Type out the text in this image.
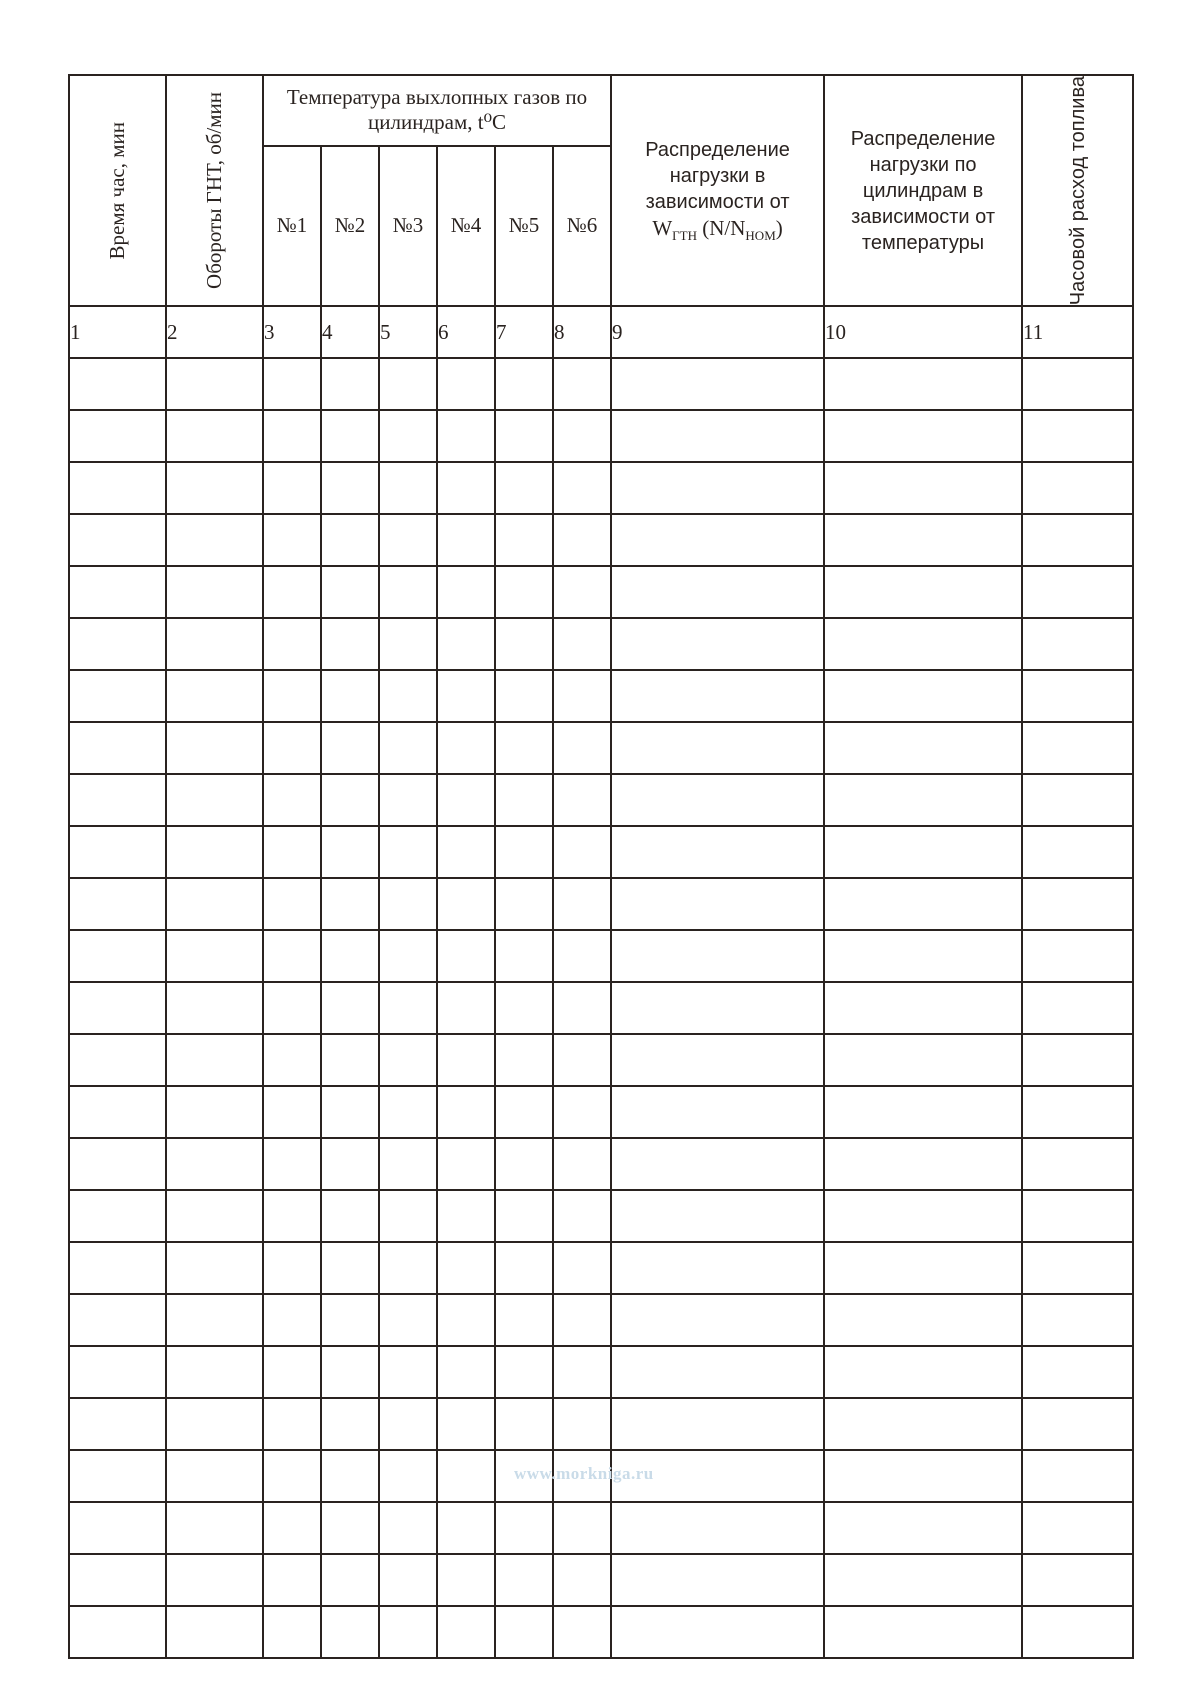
Время час, мин	Обороты ГНТ, об/мин	Температура выхлопных газов по цилиндрам, t⁰C						Распределение
нагрузки в
зависимости от
$W_{ГТН}$ $(N/N_{НОМ})$	Распределение нагрузки по цилиндрам в зависимости от температуры	Часовой расход топлива

		№1	№2	№3	№4	№5	№6			
1	2	3	4	5	6	7	8	9	10	11

www.morkniga.ru
